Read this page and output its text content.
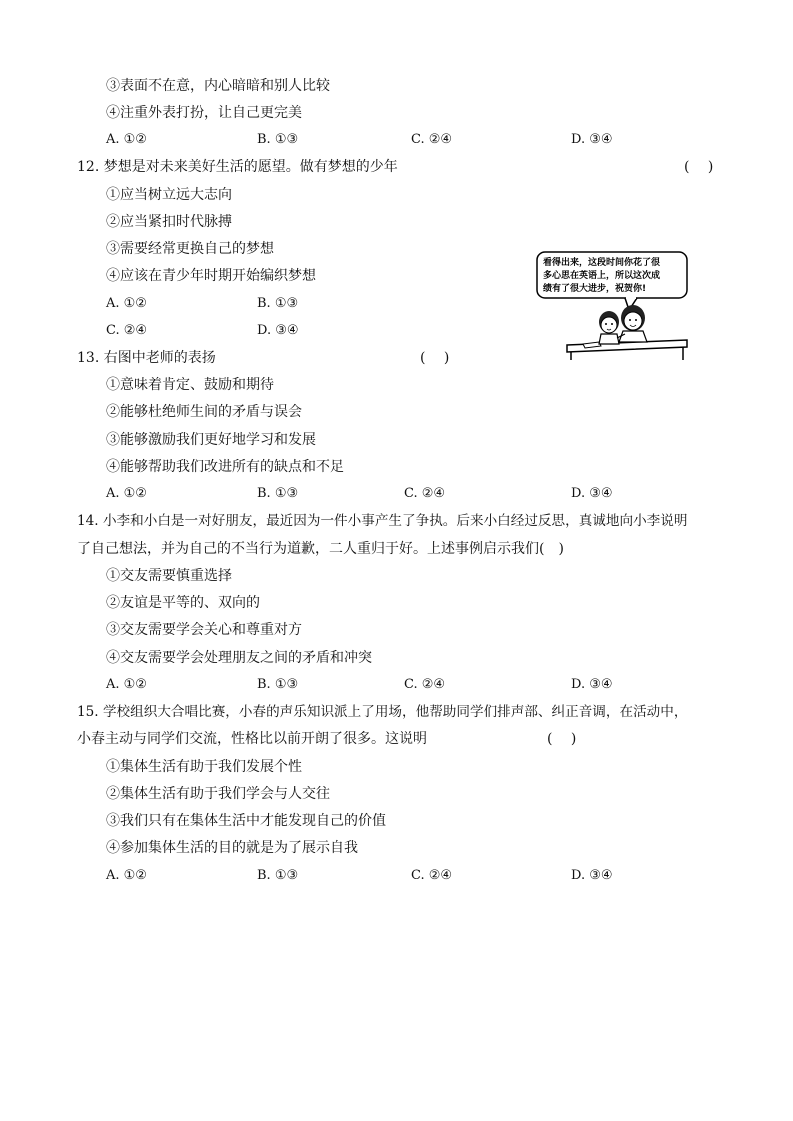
③表面不在意，内心暗暗和别人比较
④注重外表打扮，让自己更完美
A. ①②	B. ①③	C. ②④	D. ③④
12. 梦想是对未来美好生活的愿望。做有梦想的少年	(　 )
①应当树立远大志向
②应当紧扣时代脉搏
③需要经常更换自己的梦想
④应该在青少年时期开始编织梦想
A. ①②	B. ①③
C. ②④	D. ③④
看得出来，这段时间你花了很
多心思在英语上，所以这次成
绩有了很大进步，祝贺你!
13. 右图中老师的表扬	(　 )
①意味着肯定、鼓励和期待
②能够杜绝师生间的矛盾与误会
③能够激励我们更好地学习和发展
④能够帮助我们改进所有的缺点和不足
A. ①②	B. ①③	C. ②④	D. ③④
14. 小李和小白是一对好朋友，最近因为一件小事产生了争执。后来小白经过反思，真诚地向小李说明
了自己想法，并为自己的不当行为道歉，二人重归于好。上述事例启示我们(　)
①交友需要慎重选择
②友谊是平等的、双向的
③交友需要学会关心和尊重对方
④交友需要学会处理朋友之间的矛盾和冲突
A. ①②	B. ①③	C. ②④	D. ③④
15. 学校组织大合唱比赛，小春的声乐知识派上了用场，他帮助同学们排声部、纠正音调，在活动中，
小春主动与同学们交流，性格比以前开朗了很多。这说明	(　 )
①集体生活有助于我们发展个性
②集体生活有助于我们学会与人交往
③我们只有在集体生活中才能发现自己的价值
④参加集体生活的目的就是为了展示自我
A. ①②	B. ①③	C. ②④	D. ③④
